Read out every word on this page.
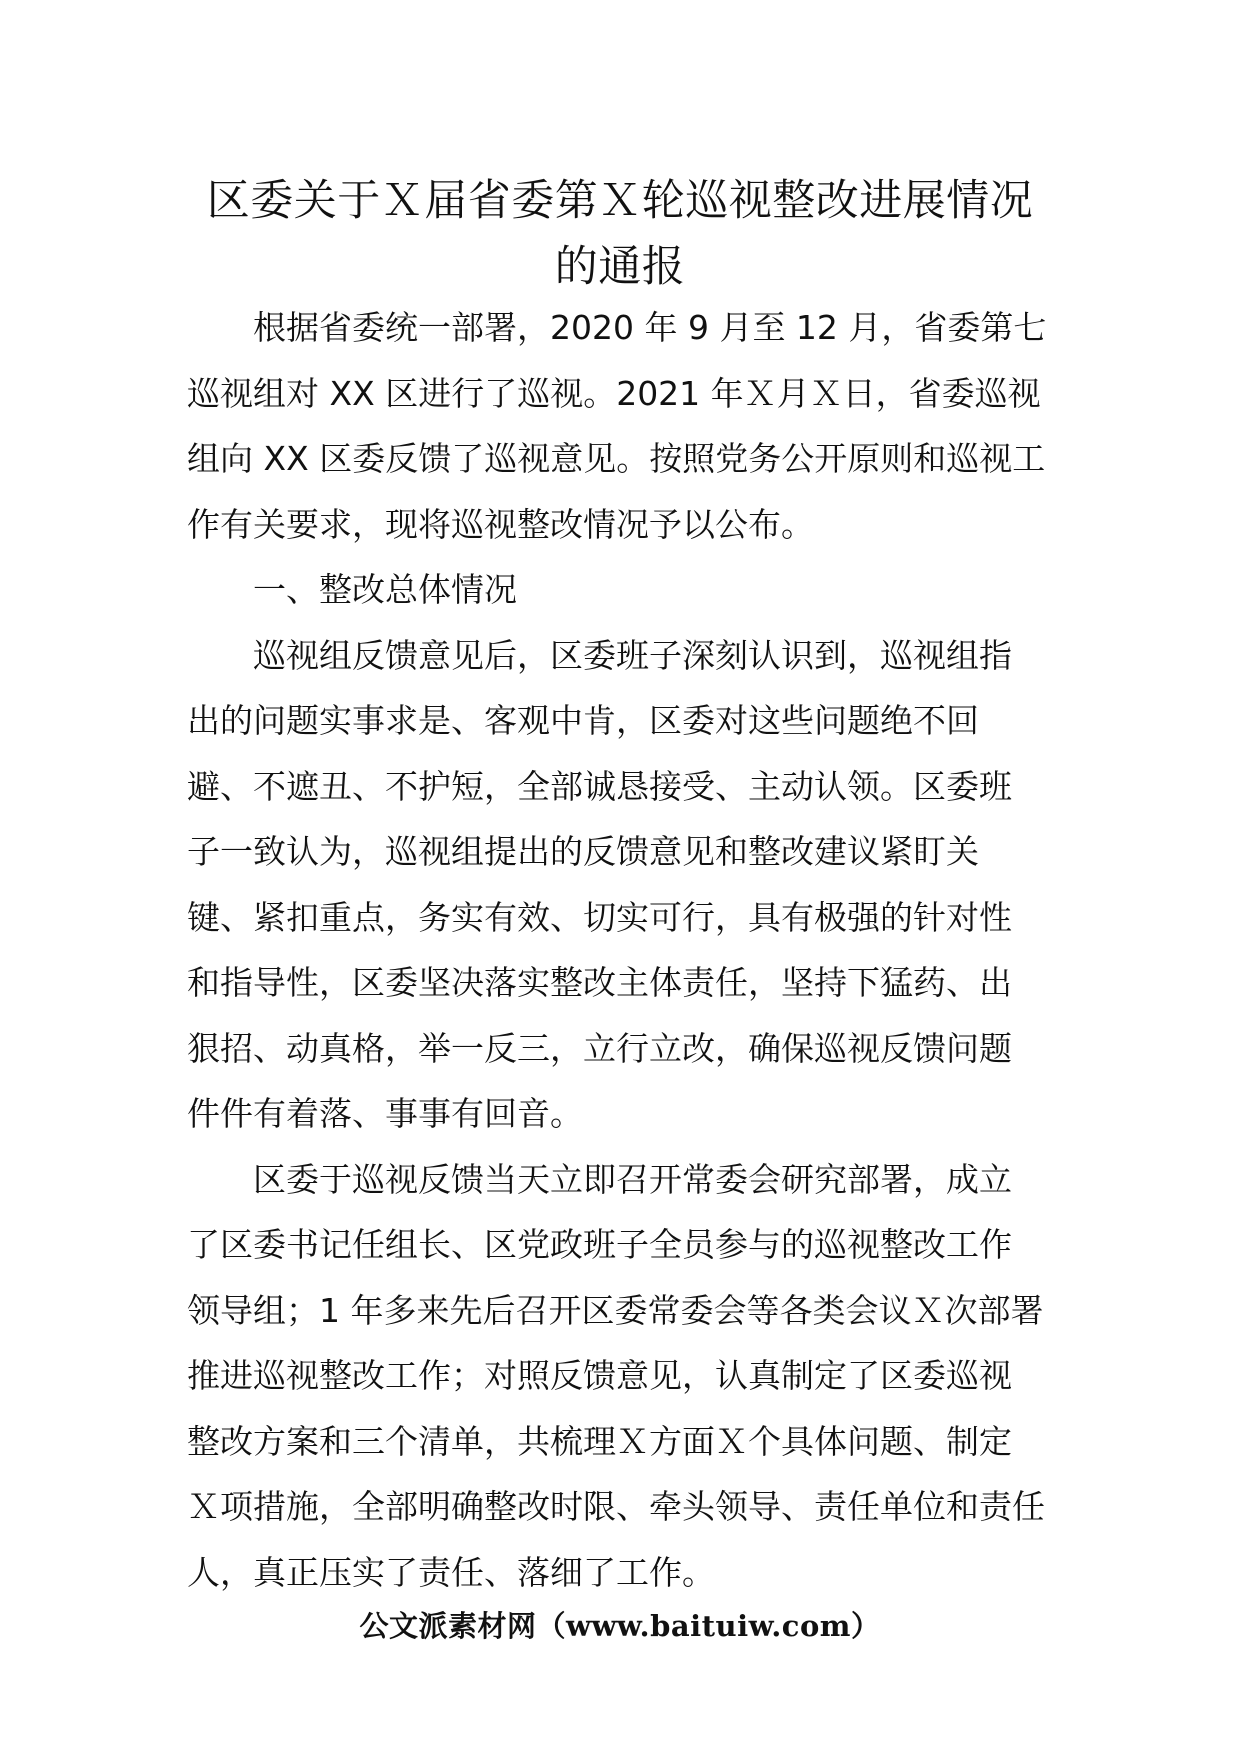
区委关于Ｘ届省委第Ｘ轮巡视整改进展情况
的通报

根据省委统一部署，2020 年 9 月至 12 月，省委第七
巡视组对 XX 区进行了巡视。2021 年Ｘ月Ｘ日，省委巡视
组向 XX 区委反馈了巡视意见。按照党务公开原则和巡视工
作有关要求，现将巡视整改情况予以公布。

一、整改总体情况

巡视组反馈意见后，区委班子深刻认识到，巡视组指
出的问题实事求是、客观中肯，区委对这些问题绝不回
避、不遮丑、不护短，全部诚恳接受、主动认领。区委班
子一致认为，巡视组提出的反馈意见和整改建议紧盯关
键、紧扣重点，务实有效、切实可行，具有极强的针对性
和指导性，区委坚决落实整改主体责任，坚持下猛药、出
狠招、动真格，举一反三，立行立改，确保巡视反馈问题
件件有着落、事事有回音。

区委于巡视反馈当天立即召开常委会研究部署，成立
了区委书记任组长、区党政班子全员参与的巡视整改工作
领导组；1 年多来先后召开区委常委会等各类会议Ｘ次部署
推进巡视整改工作；对照反馈意见，认真制定了区委巡视
整改方案和三个清单，共梳理Ｘ方面Ｘ个具体问题、制定
Ｘ项措施，全部明确整改时限、牵头领导、责任单位和责任
人，真正压实了责任、落细了工作。

公文派素材网（www.baituiw.com）
